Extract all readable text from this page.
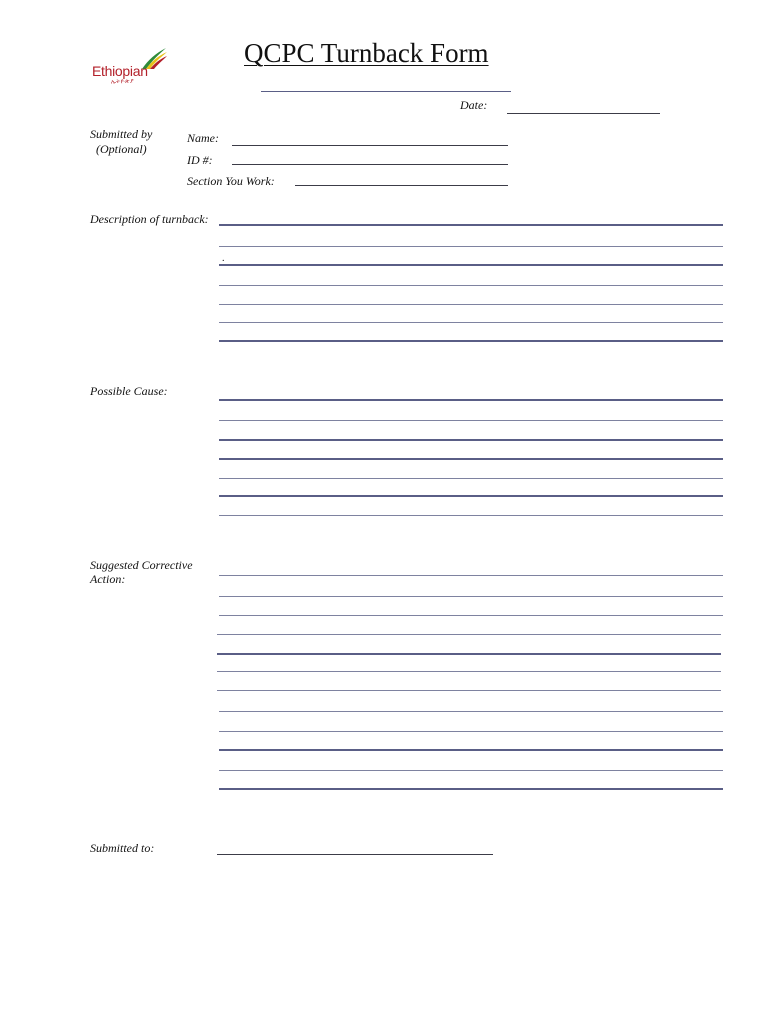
Ethiopian
ኢትዮጵያ
QCPC Turnback Form
Date:
Submitted by
(Optional)
Name:
ID #:
Section You Work:
Description of turnback:
.
Possible Cause:
Suggested Corrective
Action:
Submitted to:
